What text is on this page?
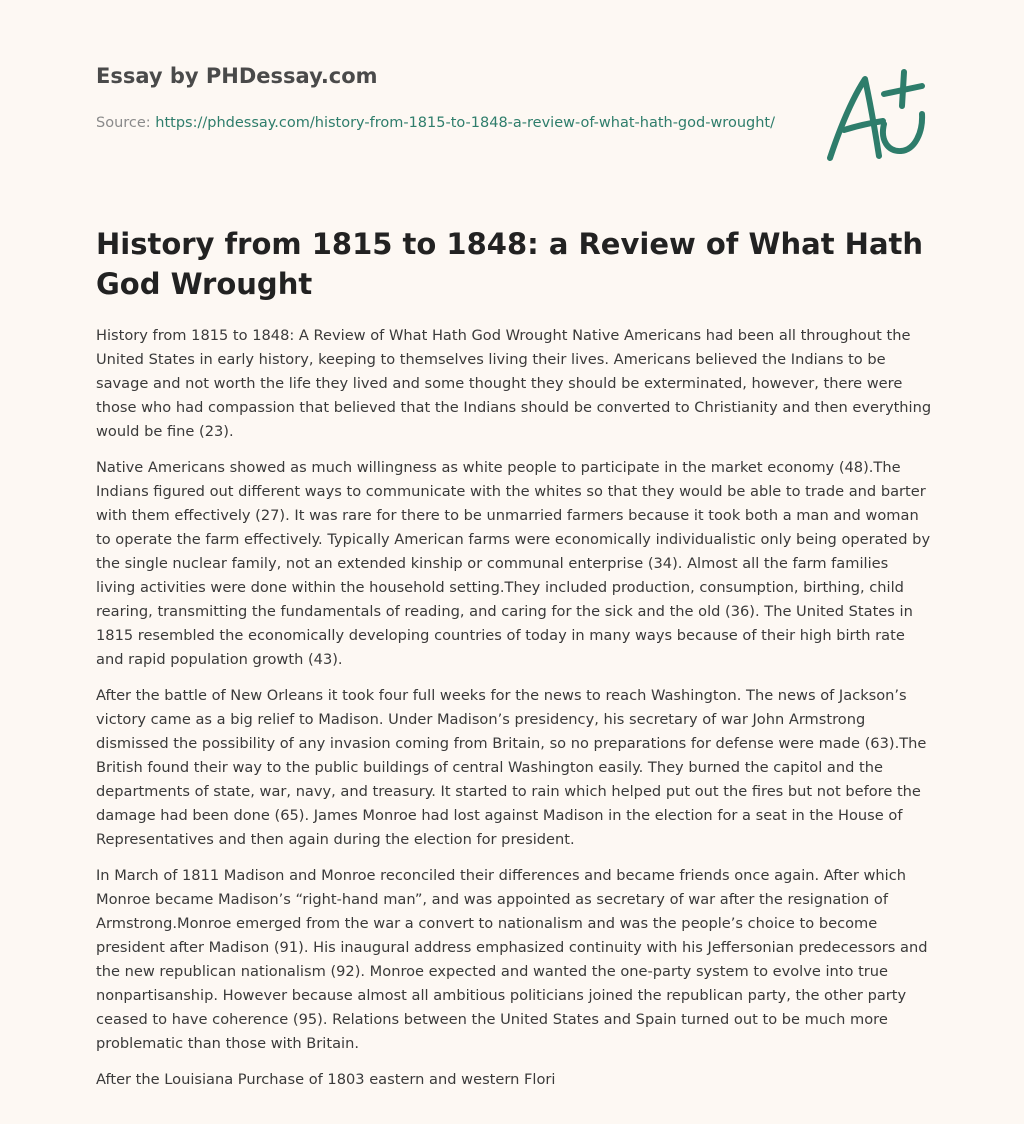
Essay by PHDessay.com

Source: https://phdessay.com/history-from-1815-to-1848-a-review-of-what-hath-god-wrought/

History from 1815 to 1848: a Review of What Hath God Wrought

History from 1815 to 1848: A Review of What Hath God Wrought Native Americans had been all throughout the United States in early history, keeping to themselves living their lives. Americans believed the Indians to be savage and not worth the life they lived and some thought they should be exterminated, however, there were those who had compassion that believed that the Indians should be converted to Christianity and then everything would be fine (23).

Native Americans showed as much willingness as white people to participate in the market economy (48).The Indians figured out different ways to communicate with the whites so that they would be able to trade and barter with them effectively (27). It was rare for there to be unmarried farmers because it took both a man and woman to operate the farm effectively. Typically American farms were economically individualistic only being operated by the single nuclear family, not an extended kinship or communal enterprise (34). Almost all the farm families living activities were done within the household setting.They included production, consumption, birthing, child rearing, transmitting the fundamentals of reading, and caring for the sick and the old (36). The United States in 1815 resembled the economically developing countries of today in many ways because of their high birth rate and rapid population growth (43).

After the battle of New Orleans it took four full weeks for the news to reach Washington. The news of Jackson’s victory came as a big relief to Madison. Under Madison’s presidency, his secretary of war John Armstrong dismissed the possibility of any invasion coming from Britain, so no preparations for defense were made (63).The British found their way to the public buildings of central Washington easily. They burned the capitol and the departments of state, war, navy, and treasury. It started to rain which helped put out the fires but not before the damage had been done (65). James Monroe had lost against Madison in the election for a seat in the House of Representatives and then again during the election for president.

In March of 1811 Madison and Monroe reconciled their differences and became friends once again. After which Monroe became Madison’s “right-hand man”, and was appointed as secretary of war after the resignation of Armstrong.Monroe emerged from the war a convert to nationalism and was the people’s choice to become president after Madison (91). His inaugural address emphasized continuity with his Jeffersonian predecessors and the new republican nationalism (92). Monroe expected and wanted the one-party system to evolve into true nonpartisanship. However because almost all ambitious politicians joined the republican party, the other party ceased to have coherence (95). Relations between the United States and Spain turned out to be much more problematic than those with Britain.

After the Louisiana Purchase of 1803 eastern and western Flori
